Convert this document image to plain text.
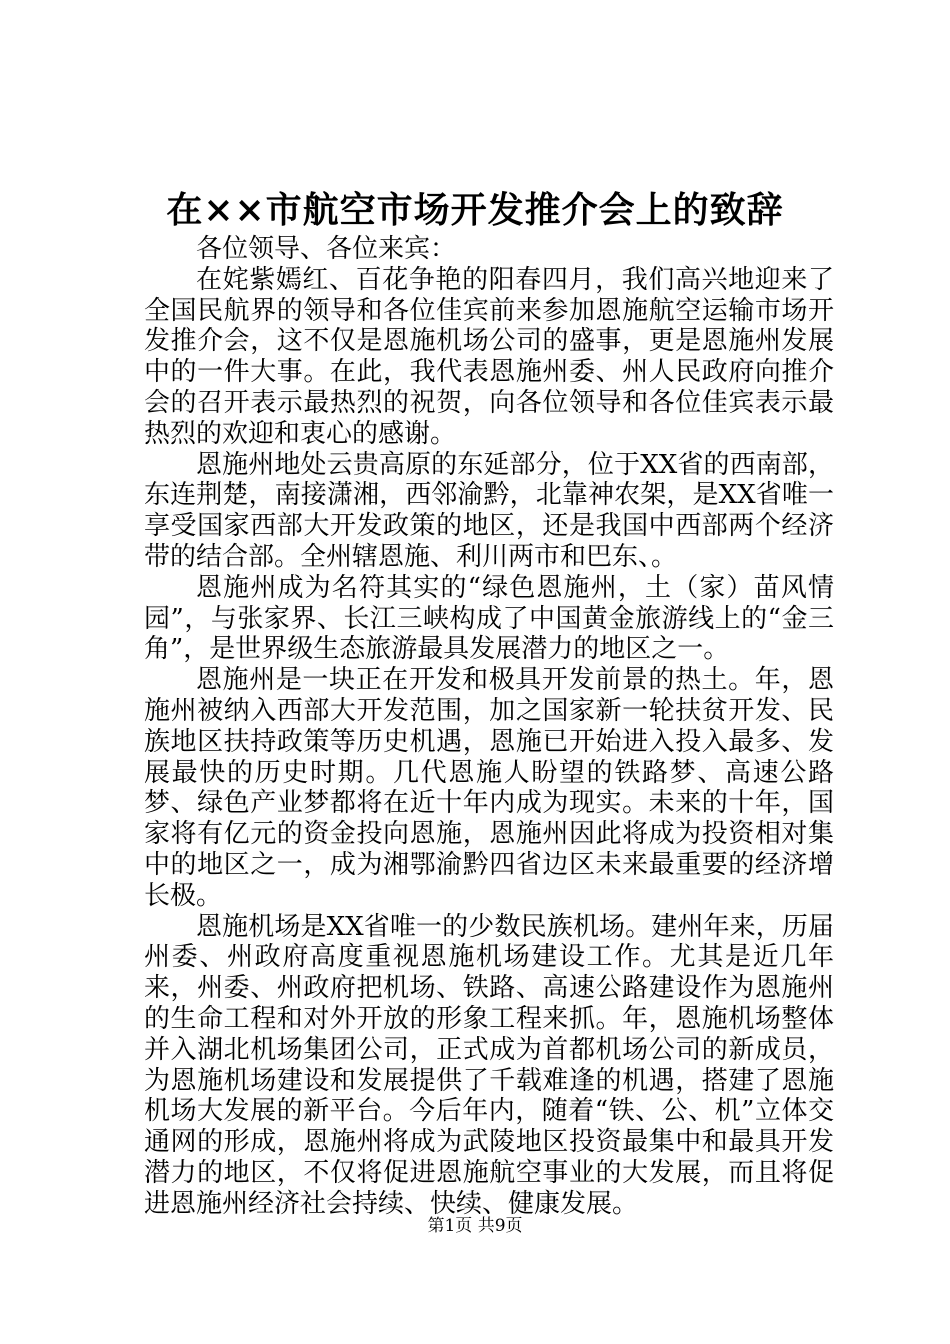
在××市航空市场开发推介会上的致辞

各位领导、各位来宾：

在姹紫嫣红、百花争艳的阳春四月，我们高兴地迎来了全国民航界的领导和各位佳宾前来参加恩施航空运输市场开发推介会，这不仅是恩施机场公司的盛事，更是恩施州发展中的一件大事。在此，我代表恩施州委、州人民政府向推介会的召开表示最热烈的祝贺，向各位领导和各位佳宾表示最热烈的欢迎和衷心的感谢。

恩施州地处云贵高原的东延部分，位于XX省的西南部，东连荆楚，南接潇湘，西邻渝黔，北靠神农架，是XX省唯一享受国家西部大开发政策的地区，还是我国中西部两个经济带的结合部。全州辖恩施、利川两市和巴东、。

恩施州成为名符其实的“绿色恩施州，土（家）苗风情园”，与张家界、长江三峡构成了中国黄金旅游线上的“金三角”，是世界级生态旅游最具发展潜力的地区之一。

恩施州是一块正在开发和极具开发前景的热土。年，恩施州被纳入西部大开发范围，加之国家新一轮扶贫开发、民族地区扶持政策等历史机遇，恩施已开始进入投入最多、发展最快的历史时期。几代恩施人盼望的铁路梦、高速公路梦、绿色产业梦都将在近十年内成为现实。未来的十年，国家将有亿元的资金投向恩施，恩施州因此将成为投资相对集中的地区之一，成为湘鄂渝黔四省边区未来最重要的经济增长极。

恩施机场是XX省唯一的少数民族机场。建州年来，历届州委、州政府高度重视恩施机场建设工作。尤其是近几年来，州委、州政府把机场、铁路、高速公路建设作为恩施州的生命工程和对外开放的形象工程来抓。年，恩施机场整体并入湖北机场集团公司，正式成为首都机场公司的新成员，为恩施机场建设和发展提供了千载难逢的机遇，搭建了恩施机场大发展的新平台。今后年内，随着“铁、公、机”立体交通网的形成，恩施州将成为武陵地区投资最集中和最具开发潜力的地区，不仅将促进恩施航空事业的大发展，而且将促进恩施州经济社会持续、快续、健康发展。

第1页 共9页
